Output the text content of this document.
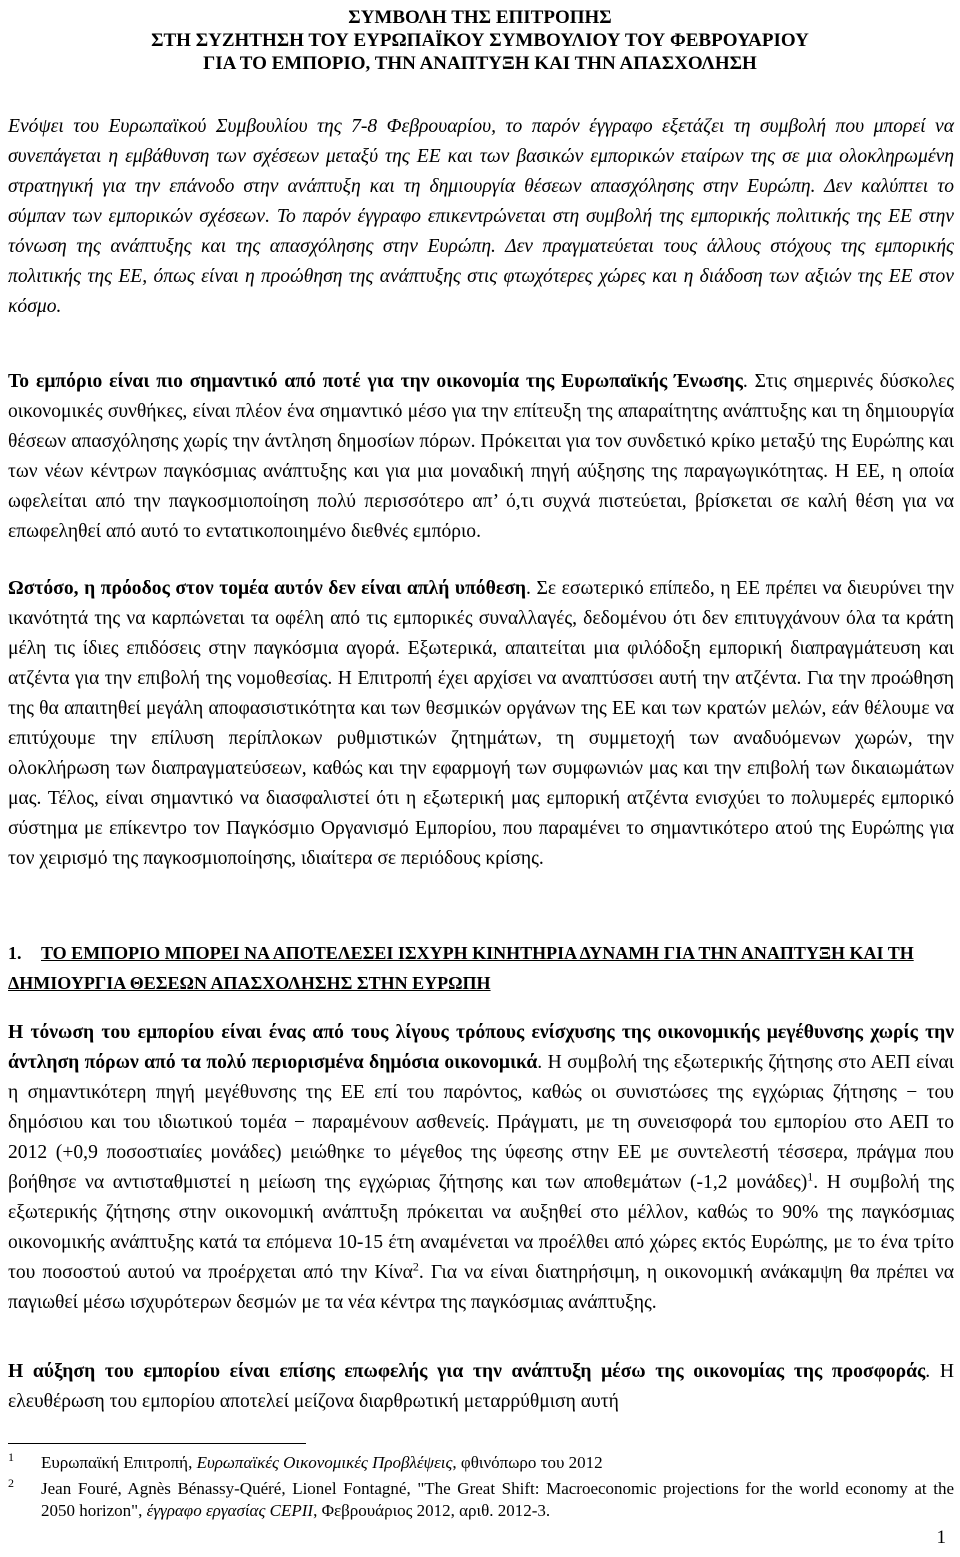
ΣΥΜΒΟΛΗ ΤΗΣ ΕΠΙΤΡΟΠΗΣ

ΣΤΗ ΣΥΖΗΤΗΣΗ ΤΟΥ ΕΥΡΩΠΑΪΚΟΥ ΣΥΜΒΟΥΛΙΟΥ ΤΟΥ ΦΕΒΡΟΥΑΡΙΟΥ

ΓΙΑ ΤΟ ΕΜΠΟΡΙΟ, ΤΗΝ ΑΝΑΠΤΥΞΗ ΚΑΙ ΤΗΝ ΑΠΑΣΧΟΛΗΣΗ

Ενόψει του Ευρωπαϊκού Συμβουλίου της 7-8 Φεβρουαρίου, το παρόν έγγραφο εξετάζει τη συμβολή που μπορεί να συνεπάγεται η εμβάθυνση των σχέσεων μεταξύ της ΕΕ και των βασικών εμπορικών εταίρων της σε μια ολοκληρωμένη στρατηγική για την επάνοδο στην ανάπτυξη και τη δημιουργία θέσεων απασχόλησης στην Ευρώπη. Δεν καλύπτει το σύμπαν των εμπορικών σχέσεων. Το παρόν έγγραφο επικεντρώνεται στη συμβολή της εμπορικής πολιτικής της ΕΕ στην τόνωση της ανάπτυξης και της απασχόλησης στην Ευρώπη. Δεν πραγματεύεται τους άλλους στόχους της εμπορικής πολιτικής της ΕΕ, όπως είναι η προώθηση της ανάπτυξης στις φτωχότερες χώρες και η διάδοση των αξιών της ΕΕ στον κόσμο.

Το εμπόριο είναι πιο σημαντικό από ποτέ για την οικονομία της Ευρωπαϊκής Ένωσης. Στις σημερινές δύσκολες οικονομικές συνθήκες, είναι πλέον ένα σημαντικό μέσο για την επίτευξη της απαραίτητης ανάπτυξης και τη δημιουργία θέσεων απασχόλησης χωρίς την άντληση δημοσίων πόρων. Πρόκειται για τον συνδετικό κρίκο μεταξύ της Ευρώπης και των νέων κέντρων παγκόσμιας ανάπτυξης και για μια μοναδική πηγή αύξησης της παραγωγικότητας. Η ΕΕ, η οποία ωφελείται από την παγκοσμιοποίηση πολύ περισσότερο απ’ ό,τι συχνά πιστεύεται, βρίσκεται σε καλή θέση για να επωφεληθεί από αυτό το εντατικοποιημένο διεθνές εμπόριο.

Ωστόσο, η πρόοδος στον τομέα αυτόν δεν είναι απλή υπόθεση. Σε εσωτερικό επίπεδο, η ΕΕ πρέπει να διευρύνει την ικανότητά της να καρπώνεται τα οφέλη από τις εμπορικές συναλλαγές, δεδομένου ότι δεν επιτυγχάνουν όλα τα κράτη μέλη τις ίδιες επιδόσεις στην παγκόσμια αγορά. Εξωτερικά, απαιτείται μια φιλόδοξη εμπορική διαπραγμάτευση και ατζέντα για την επιβολή της νομοθεσίας. Η Επιτροπή έχει αρχίσει να αναπτύσσει αυτή την ατζέντα. Για την προώθηση της θα απαιτηθεί μεγάλη αποφασιστικότητα και των θεσμικών οργάνων της ΕΕ και των κρατών μελών, εάν θέλουμε να επιτύχουμε την επίλυση περίπλοκων ρυθμιστικών ζητημάτων, τη συμμετοχή των αναδυόμενων χωρών, την ολοκλήρωση των διαπραγματεύσεων, καθώς και την εφαρμογή των συμφωνιών μας και την επιβολή των δικαιωμάτων μας. Τέλος, είναι σημαντικό να διασφαλιστεί ότι η εξωτερική μας εμπορική ατζέντα ενισχύει το πολυμερές εμπορικό σύστημα με επίκεντρο τον Παγκόσμιο Οργανισμό Εμπορίου, που παραμένει το σημαντικότερο ατού της Ευρώπης για τον χειρισμό της παγκοσμιοποίησης, ιδιαίτερα σε περιόδους κρίσης.

1. ΤΟ ΕΜΠΟΡΙΟ ΜΠΟΡΕΙ ΝΑ ΑΠΟΤΕΛΕΣΕΙ ΙΣΧΥΡΗ ΚΙΝΗΤΗΡΙΑ ΔΥΝΑΜΗ ΓΙΑ ΤΗΝ ΑΝΑΠΤΥΞΗ ΚΑΙ ΤΗ ΔΗΜΙΟΥΡΓΙΑ ΘΕΣΕΩΝ ΑΠΑΣΧΟΛΗΣΗΣ ΣΤΗΝ ΕΥΡΩΠΗ

Η τόνωση του εμπορίου είναι ένας από τους λίγους τρόπους ενίσχυσης της οικονομικής μεγέθυνσης χωρίς την άντληση πόρων από τα πολύ περιορισμένα δημόσια οικονομικά. Η συμβολή της εξωτερικής ζήτησης στο ΑΕΠ είναι η σημαντικότερη πηγή μεγέθυνσης της ΕΕ επί του παρόντος, καθώς οι συνιστώσες της εγχώριας ζήτησης − του δημόσιου και του ιδιωτικού τομέα − παραμένουν ασθενείς. Πράγματι, με τη συνεισφορά του εμπορίου στο ΑΕΠ το 2012 (+0,9 ποσοστιαίες μονάδες) μειώθηκε το μέγεθος της ύφεσης στην ΕΕ με συντελεστή τέσσερα, πράγμα που βοήθησε να αντισταθμιστεί η μείωση της εγχώριας ζήτησης και των αποθεμάτων (-1,2 μονάδες)$^1$. Η συμβολή της εξωτερικής ζήτησης στην οικονομική ανάπτυξη πρόκειται να αυξηθεί στο μέλλον, καθώς το 90% της παγκόσμιας οικονομικής ανάπτυξης κατά τα επόμενα 10-15 έτη αναμένεται να προέλθει από χώρες εκτός Ευρώπης, με το ένα τρίτο του ποσοστού αυτού να προέρχεται από την Κίνα$^2$. Για να είναι διατηρήσιμη, η οικονομική ανάκαμψη θα πρέπει να παγιωθεί μέσω ισχυρότερων δεσμών με τα νέα κέντρα της παγκόσμιας ανάπτυξης.

Η αύξηση του εμπορίου είναι επίσης επωφελής για την ανάπτυξη μέσω της οικονομίας της προσφοράς. Η ελευθέρωση του εμπορίου αποτελεί μείζονα διαρθρωτική μεταρρύθμιση αυτή

1 Ευρωπαϊκή Επιτροπή, Ευρωπαϊκές Οικονομικές Προβλέψεις, φθινόπωρο του 2012

2 Jean Fouré, Agnès Bénassy-Quéré, Lionel Fontagné, "The Great Shift: Macroeconomic projections for the world economy at the 2050 horizon", έγγραφο εργασίας CEPII, Φεβρουάριος 2012, αριθ. 2012-3.

1
